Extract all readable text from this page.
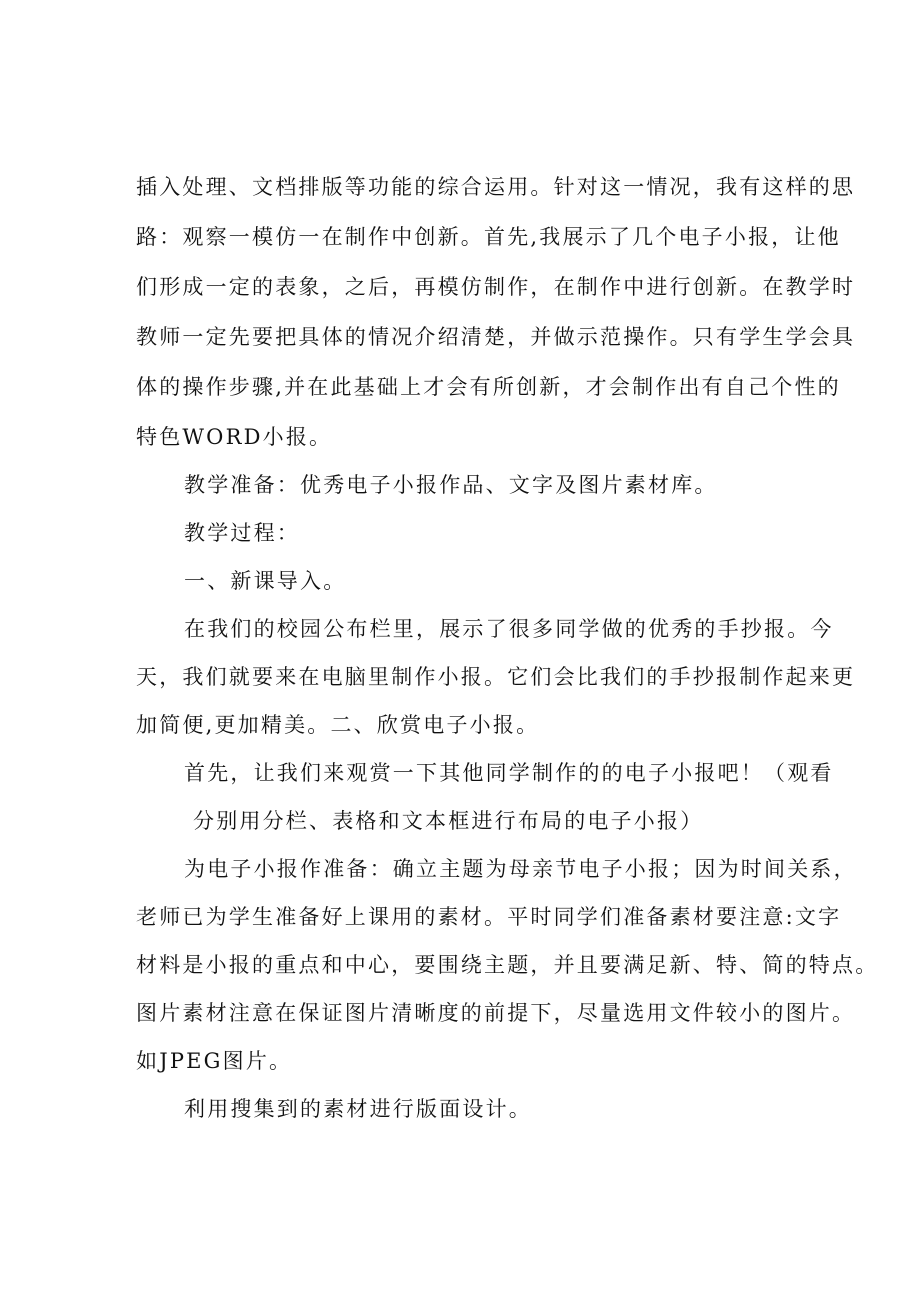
插入处理、文档排版等功能的综合运用。针对这一情况，我有这样的思
路：观察一模仿一在制作中创新。首先,我展示了几个电子小报，让他
们形成一定的表象，之后，再模仿制作，在制作中进行创新。在教学时
教师一定先要把具体的情况介绍清楚，并做示范操作。只有学生学会具
体的操作步骤,并在此基础上才会有所创新，才会制作出有自己个性的
特色WORD小报。
教学准备：优秀电子小报作品、文字及图片素材库。
教学过程：
一、新课导入。
在我们的校园公布栏里，展示了很多同学做的优秀的手抄报。今
天，我们就要来在电脑里制作小报。它们会比我们的手抄报制作起来更
加简便,更加精美。二、欣赏电子小报。
首先，让我们来观赏一下其他同学制作的的电子小报吧！（观看
分别用分栏、表格和文本框进行布局的电子小报）
为电子小报作准备：确立主题为母亲节电子小报；因为时间关系，
老师已为学生准备好上课用的素材。平时同学们准备素材要注意:文字
材料是小报的重点和中心，要围绕主题，并且要满足新、特、简的特点。
图片素材注意在保证图片清晰度的前提下，尽量选用文件较小的图片。
如JPEG图片。
利用搜集到的素材进行版面设计。
